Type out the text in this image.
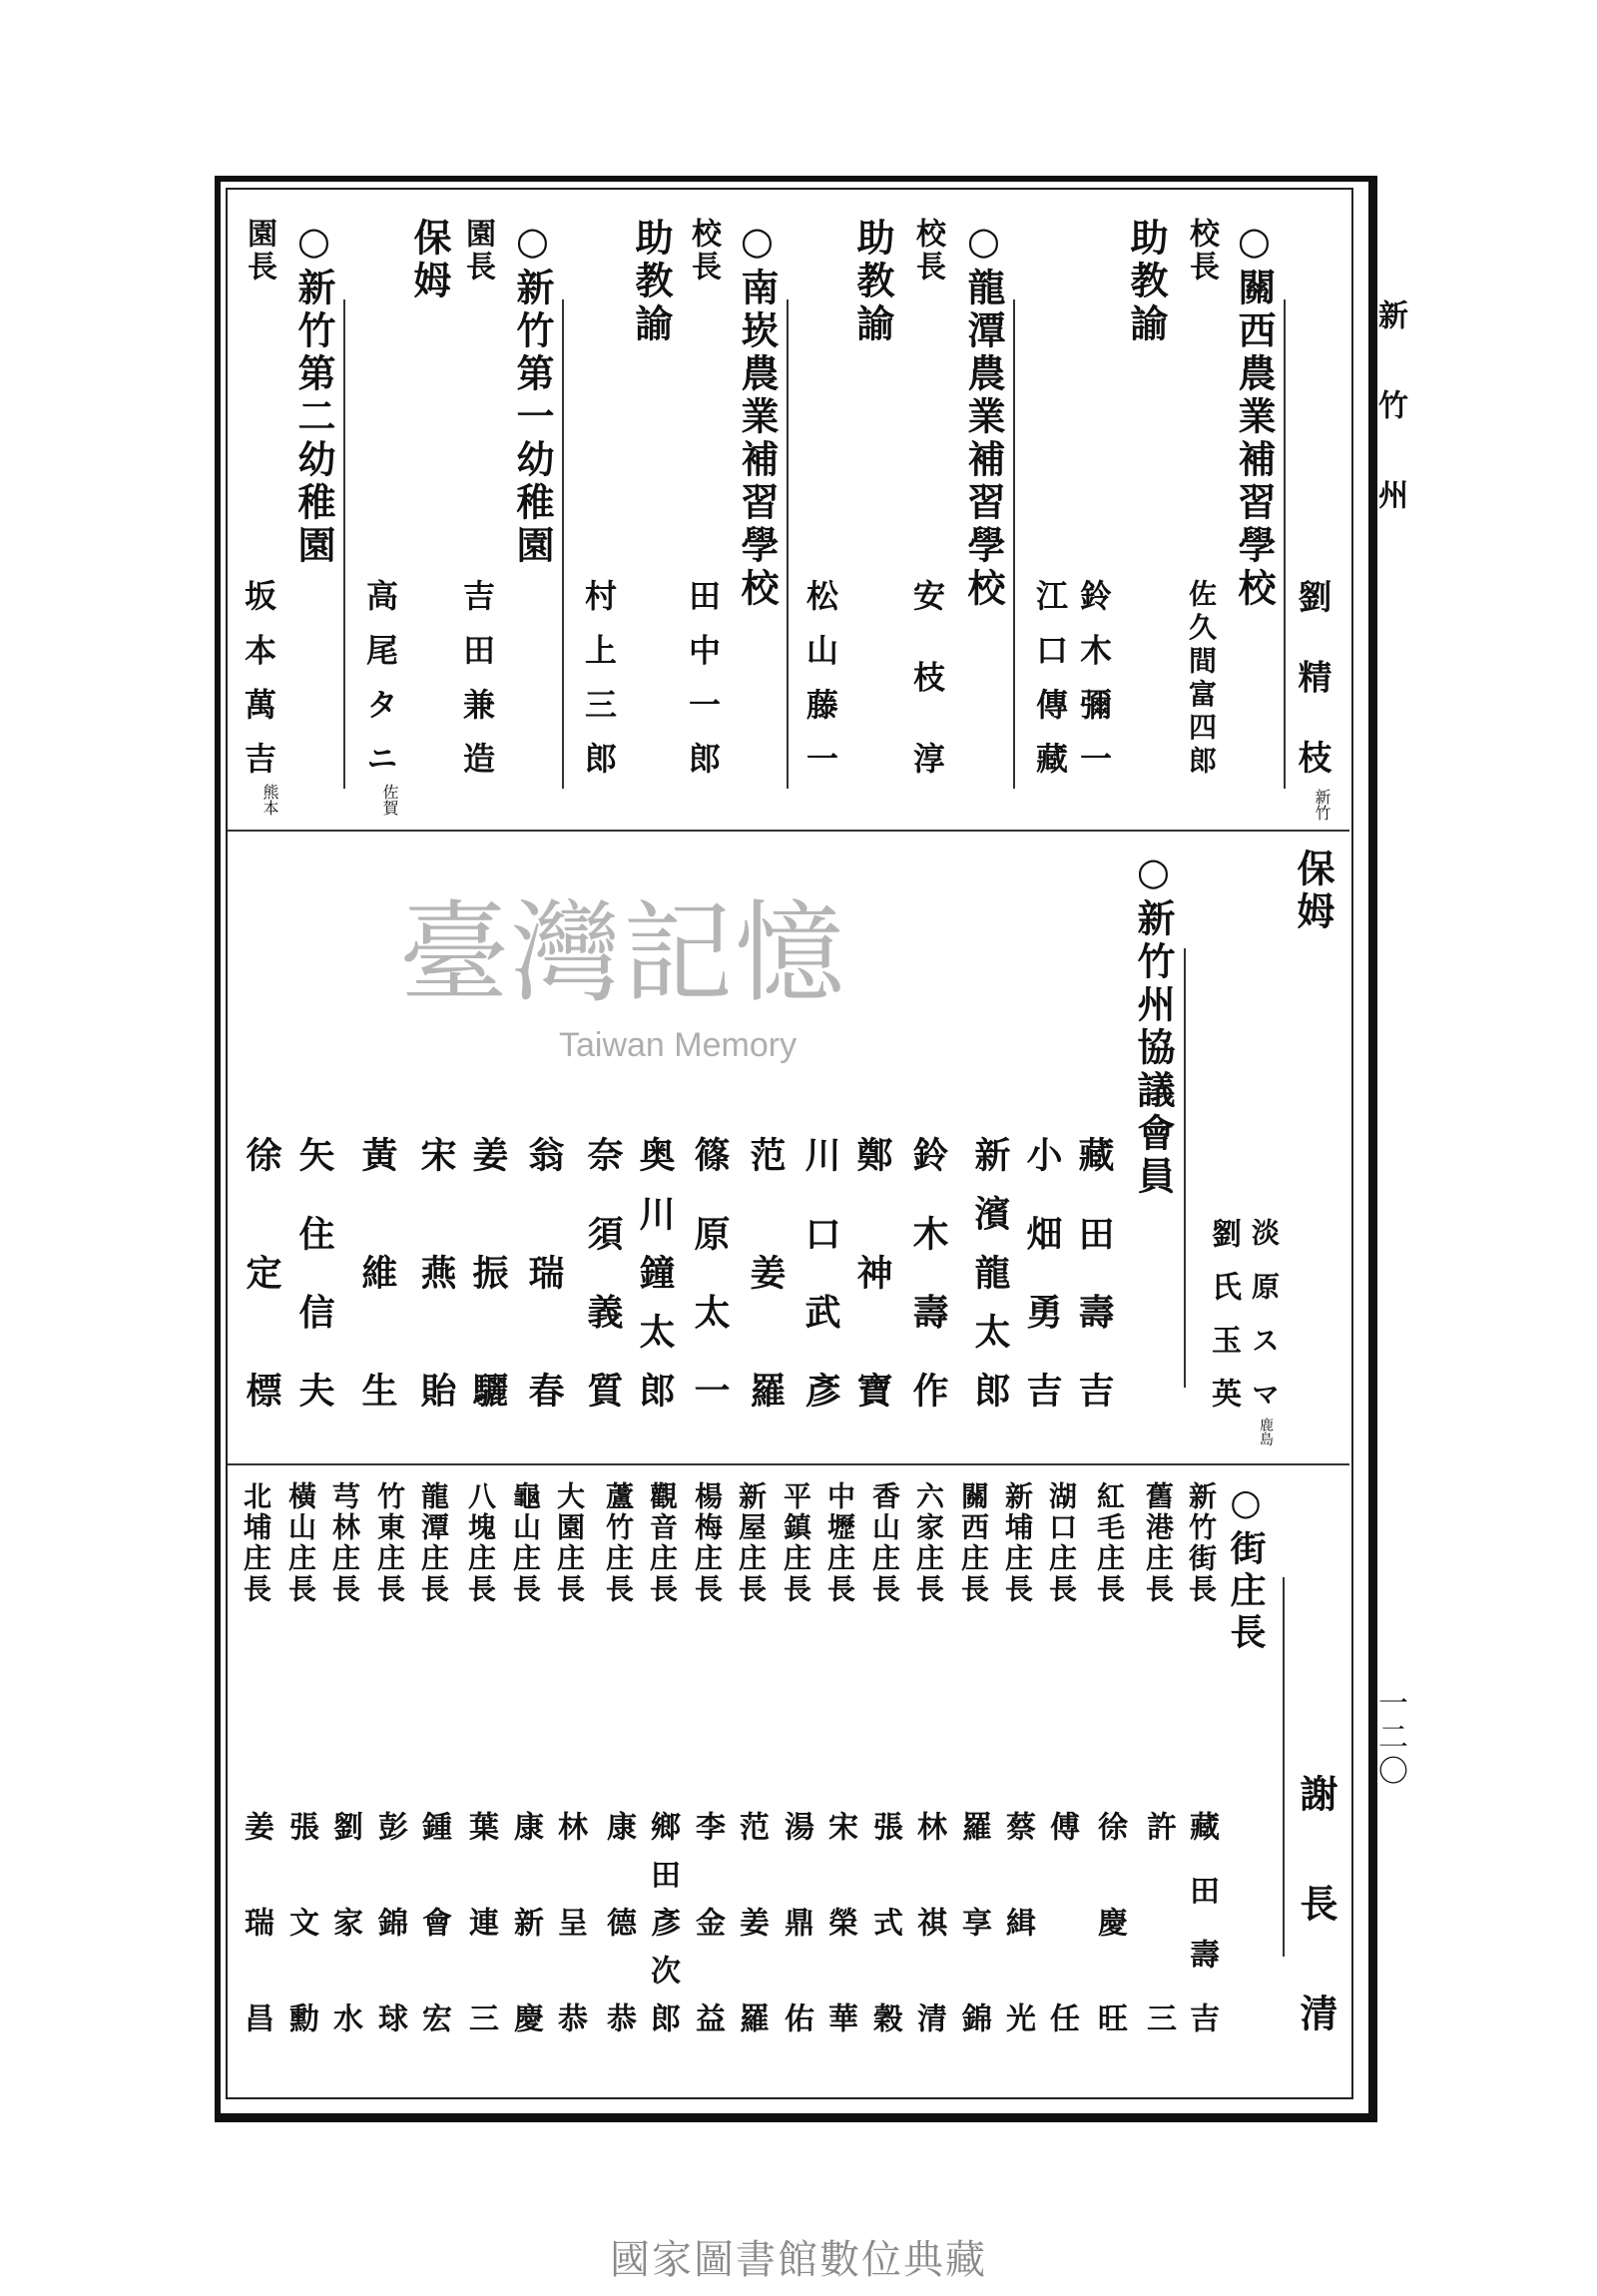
新竹州
一二〇
臺灣記憶
Taiwan Memory
劉精枝
新竹
○關西農業補習學校
○龍潭農業補習學校
○南崁農業補習學校
○新竹第一幼稚園
○新竹第二幼稚園	校長
助教諭
校長
助教諭
校長
助教諭
園長
保姆
園長
佐久間富四郎
鈴木彌一
江口傳藏
安枝淳
松山藤一
田中一郎
村上三郎
吉田兼造
高尾タニ
坂本萬吉
佐賀
熊本
保姆
淡原スマ
鹿島
劉氏玉英
○新竹州協議會員
藏田壽吉
小畑勇吉
新濱龍太郎
鈴木壽作
鄭神寶
川口武彥
范姜羅
篠原太一
奥川鐘太郎
奈須義質
翁瑞春
姜振驪
宋燕貽
黃維生
矢住信夫
徐定標
謝長清
○街庄長
新竹街長
藏田壽吉
舊港庄長
許三
紅毛庄長
徐慶旺
湖口庄長
傅任
新埔庄長
蔡緝光
關西庄長
羅享錦
六家庄長
林祺清
香山庄長
張式穀
中壢庄長
宋榮華
平鎮庄長
湯鼎佑
新屋庄長
范姜羅
楊梅庄長
李金益
觀音庄長
鄉田彥次郎
蘆竹庄長
康德恭
大園庄長
林呈恭
龜山庄長
康新慶
八塊庄長
葉連三
龍潭庄長
鍾會宏
竹東庄長
彭錦球
芎林庄長
劉家水
橫山庄長
張文勳
北埔庄長
姜瑞昌
國家圖書館數位典藏
